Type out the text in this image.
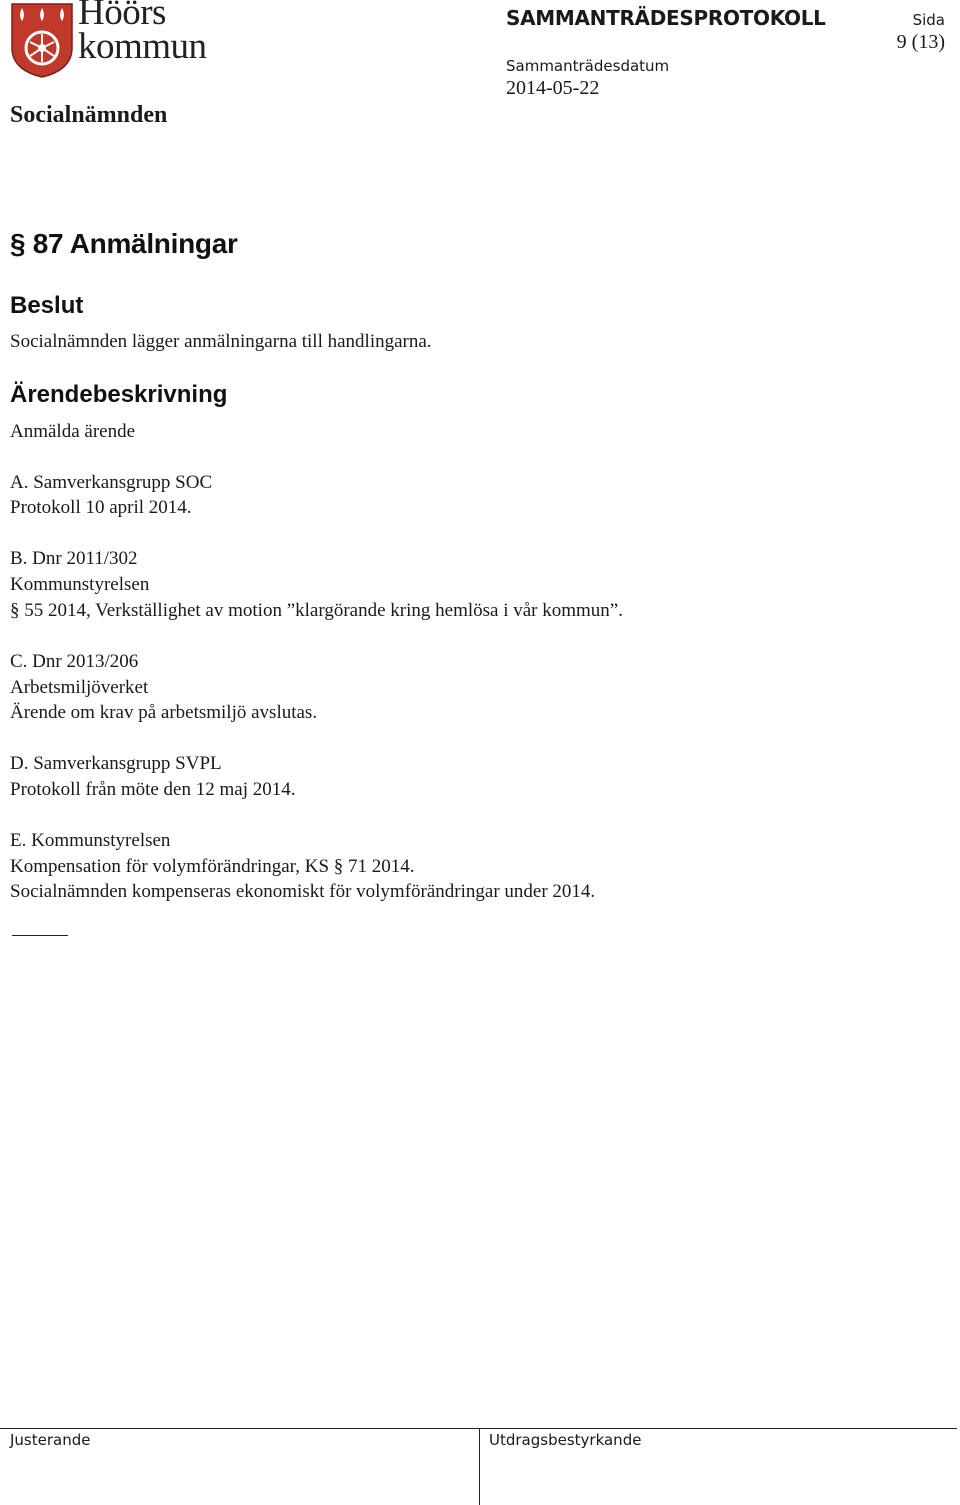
Höörs
kommun
Socialnämnden
SAMMANTRÄDESPROTOKOLL
Sammanträdesdatum
2014-05-22
Sida
9 (13)
§ 87 Anmälningar
Beslut
Socialnämnden lägger anmälningarna till handlingarna.
Ärendebeskrivning
Anmälda ärende
A. Samverkansgrupp SOC
Protokoll 10 april 2014.
B. Dnr 2011/302
Kommunstyrelsen
§ 55 2014, Verkställighet av motion ”klargörande kring hemlösa i vår kommun”.
C. Dnr 2013/206
Arbetsmiljöverket
Ärende om krav på arbetsmiljö avslutas.
D. Samverkansgrupp SVPL
Protokoll från möte den 12 maj 2014.
E. Kommunstyrelsen
Kompensation för volymförändringar, KS § 71 2014.
Socialnämnden kompenseras ekonomiskt för volymförändringar under 2014.
Justerande	Utdragsbestyrkande
